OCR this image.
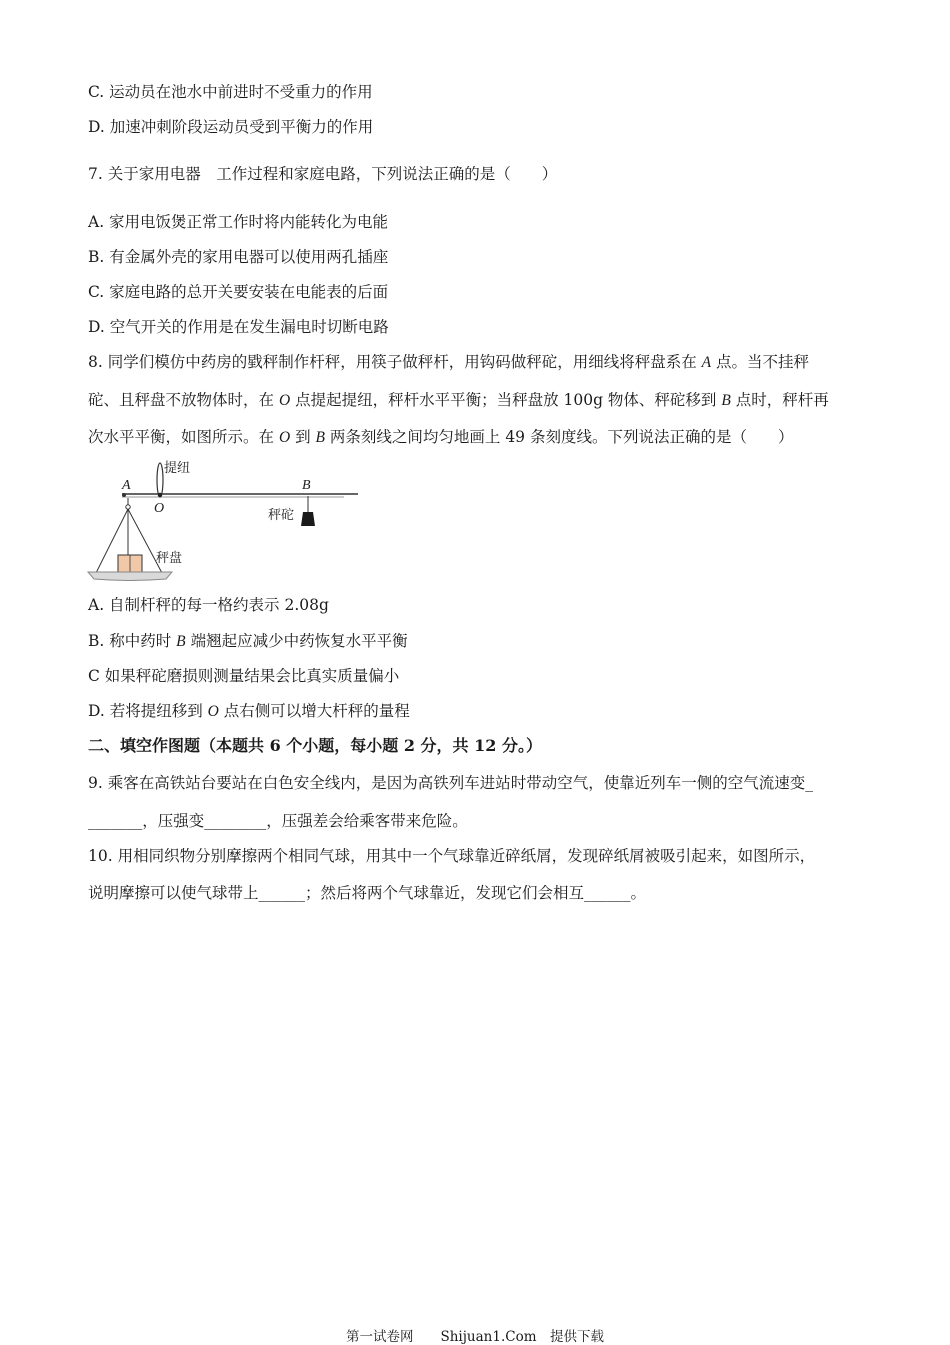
C. 运动员在池水中前进时不受重力的作用
D. 加速冲刺阶段运动员受到平衡力的作用
7. 关于家用电器　工作过程和家庭电路，下列说法正确的是（　　）
A. 家用电饭煲正常工作时将内能转化为电能
B. 有金属外壳的家用电器可以使用两孔插座
C. 家庭电路的总开关要安装在电能表的后面
D. 空气开关的作用是在发生漏电时切断电路
8. 同学们模仿中药房的戥秤制作杆秤，用筷子做秤杆，用钩码做秤砣，用细线将秤盘系在 A 点。当不挂秤
砣、且秤盘不放物体时，在 O 点提起提纽，秤杆水平平衡；当秤盘放 100g 物体、秤砣移到 B 点时，秤杆再
次水平平衡，如图所示。在 O 到 B 两条刻线之间均匀地画上 49 条刻度线。下列说法正确的是（　　）
A
O
B
提纽
秤砣
秤盘
A. 自制杆秤的每一格约表示 2.08g
B. 称中药时 B 端翘起应减少中药恢复水平平衡
C 如果秤砣磨损则测量结果会比真实质量偏小
D. 若将提纽移到 O 点右侧可以增大杆秤的量程
二、填空作图题（本题共 6 个小题，每小题 2 分，共 12 分。）
9. 乘客在高铁站台要站在白色安全线内，是因为高铁列车进站时带动空气，使靠近列车一侧的空气流速变_
_______，压强变________，压强差会给乘客带来危险。
10. 用相同织物分别摩擦两个相同气球，用其中一个气球靠近碎纸屑，发现碎纸屑被吸引起来，如图所示，
说明摩擦可以使气球带上______；然后将两个气球靠近，发现它们会相互______。
第一试卷网　　Shijuan1.Com　提供下载
